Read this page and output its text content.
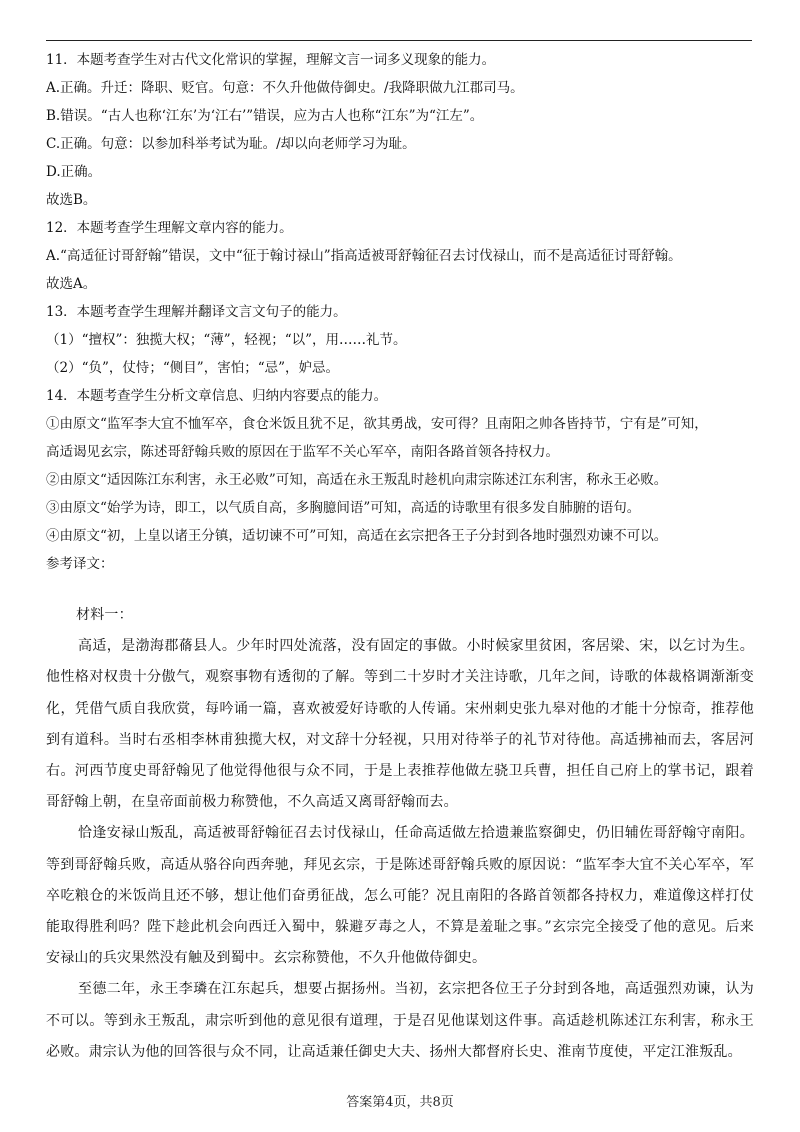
11．本题考查学生对古代文化常识的掌握，理解文言一词多义现象的能力。

A.正确。升迁：降职、贬官。句意：不久升他做侍御史。/我降职做九江郡司马。

B.错误。“古人也称‘江东’为‘江右’”错误，应为古人也称“江东”为“江左”。

C.正确。句意：以参加科举考试为耻。/却以向老师学习为耻。

D.正确。

故选B。

12．本题考查学生理解文章内容的能力。

A.“高适征讨哥舒翰”错误，文中“征于翰讨禄山”指高适被哥舒翰征召去讨伐禄山，而不是高适征讨哥舒翰。

故选A。

13．本题考查学生理解并翻译文言文句子的能力。

（1）“擅权”：独揽大权；“薄”，轻视；“以”，用……礼节。

（2）“负”，仗恃；“侧目”，害怕；“忌”，妒忌。

14．本题考查学生分析文章信息、归纳内容要点的能力。

①由原文“监军李大宜不恤军卒，食仓米饭且犹不足，欲其勇战，安可得？且南阳之帅各皆持节，宁有是”可知，

高适谒见玄宗，陈述哥舒翰兵败的原因在于监军不关心军卒，南阳各路首领各持权力。

②由原文“适因陈江东利害，永王必败”可知，高适在永王叛乱时趁机向肃宗陈述江东利害，称永王必败。

③由原文“始学为诗，即工，以气质自高，多胸臆间语”可知，高适的诗歌里有很多发自肺腑的语句。

④由原文“初，上皇以诸王分镇，适切谏不可”可知，高适在玄宗把各王子分封到各地时强烈劝谏不可以。

参考译文：

材料一：

高适，是渤海郡蓨县人。少年时四处流落，没有固定的事做。小时候家里贫困，客居梁、宋，以乞讨为生。他性格对权贵十分傲气，观察事物有透彻的了解。等到二十岁时才关注诗歌，几年之间，诗歌的体裁格调渐渐变化，凭借气质自我欣赏，每吟诵一篇，喜欢被爱好诗歌的人传诵。宋州刺史张九皋对他的才能十分惊奇，推荐他到有道科。当时右丞相李林甫独揽大权，对文辞十分轻视，只用对待举子的礼节对待他。高适拂袖而去，客居河右。河西节度史哥舒翰见了他觉得他很与众不同，于是上表推荐他做左骁卫兵曹，担任自己府上的掌书记，跟着哥舒翰上朝，在皇帝面前极力称赞他，不久高适又离哥舒翰而去。

恰逢安禄山叛乱，高适被哥舒翰征召去讨伐禄山，任命高适做左拾遗兼监察御史，仍旧辅佐哥舒翰守南阳。等到哥舒翰兵败，高适从骆谷向西奔驰，拜见玄宗，于是陈述哥舒翰兵败的原因说：“监军李大宜不关心军卒，军卒吃粮仓的米饭尚且还不够，想让他们奋勇征战，怎么可能？况且南阳的各路首领都各持权力，难道像这样打仗能取得胜利吗？陛下趁此机会向西迁入蜀中，躲避歹毒之人，不算是羞耻之事。”玄宗完全接受了他的意见。后来安禄山的兵灾果然没有触及到蜀中。玄宗称赞他，不久升他做侍御史。

至德二年，永王李璘在江东起兵，想要占据扬州。当初，玄宗把各位王子分封到各地，高适强烈劝谏，认为不可以。等到永王叛乱，肃宗听到他的意见很有道理，于是召见他谋划这件事。高适趁机陈述江东利害，称永王必败。肃宗认为他的回答很与众不同，让高适兼任御史大夫、扬州大都督府长史、淮南节度使，平定江淮叛乱。

答案第4页，共8页
